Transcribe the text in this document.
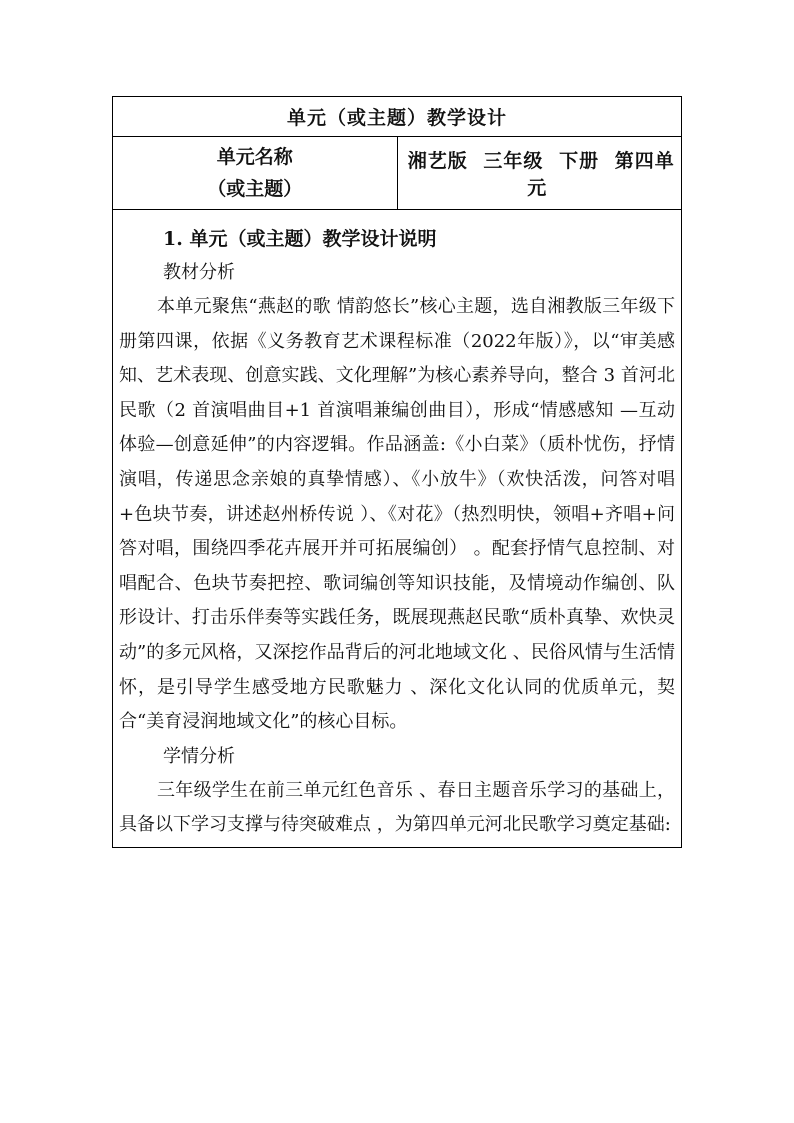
单元（或主题）教学设计

单元名称
（或主题）
	湘艺版 三年级 下册 第四单元

1. 单元（或主题）教学设计说明

教材分析

本单元聚焦“燕赵的歌 情韵悠长”核心主题，选自湘教版三年级下册第四课，依据《义务教育艺术课程标准（2022年版）》，以“审美感知、艺术表现、创意实践、文化理解”为核心素养导向，整合 3 首河北民歌（2 首演唱曲目+1 首演唱兼编创曲目），形成“情感感知 —互动体验—创意延伸”的内容逻辑。作品涵盖:《小白菜》（质朴忧伤，抒情演唱，传递思念亲娘的真挚情感）、《小放牛》（欢快活泼，问答对唱+色块节奏，讲述赵州桥传说 ）、《对花》（热烈明快，领唱+齐唱+问答对唱，围绕四季花卉展开并可拓展编创） 。配套抒情气息控制、对唱配合、色块节奏把控、歌词编创等知识技能，及情境动作编创、队形设计、打击乐伴奏等实践任务，既展现燕赵民歌“质朴真挚、欢快灵动”的多元风格，又深挖作品背后的河北地域文化 、民俗风情与生活情怀，是引导学生感受地方民歌魅力 、深化文化认同的优质单元，契合“美育浸润地域文化”的核心目标。

学情分析

三年级学生在前三单元红色音乐 、春日主题音乐学习的基础上，具备以下学习支撑与待突破难点 ，为第四单元河北民歌学习奠定基础:
